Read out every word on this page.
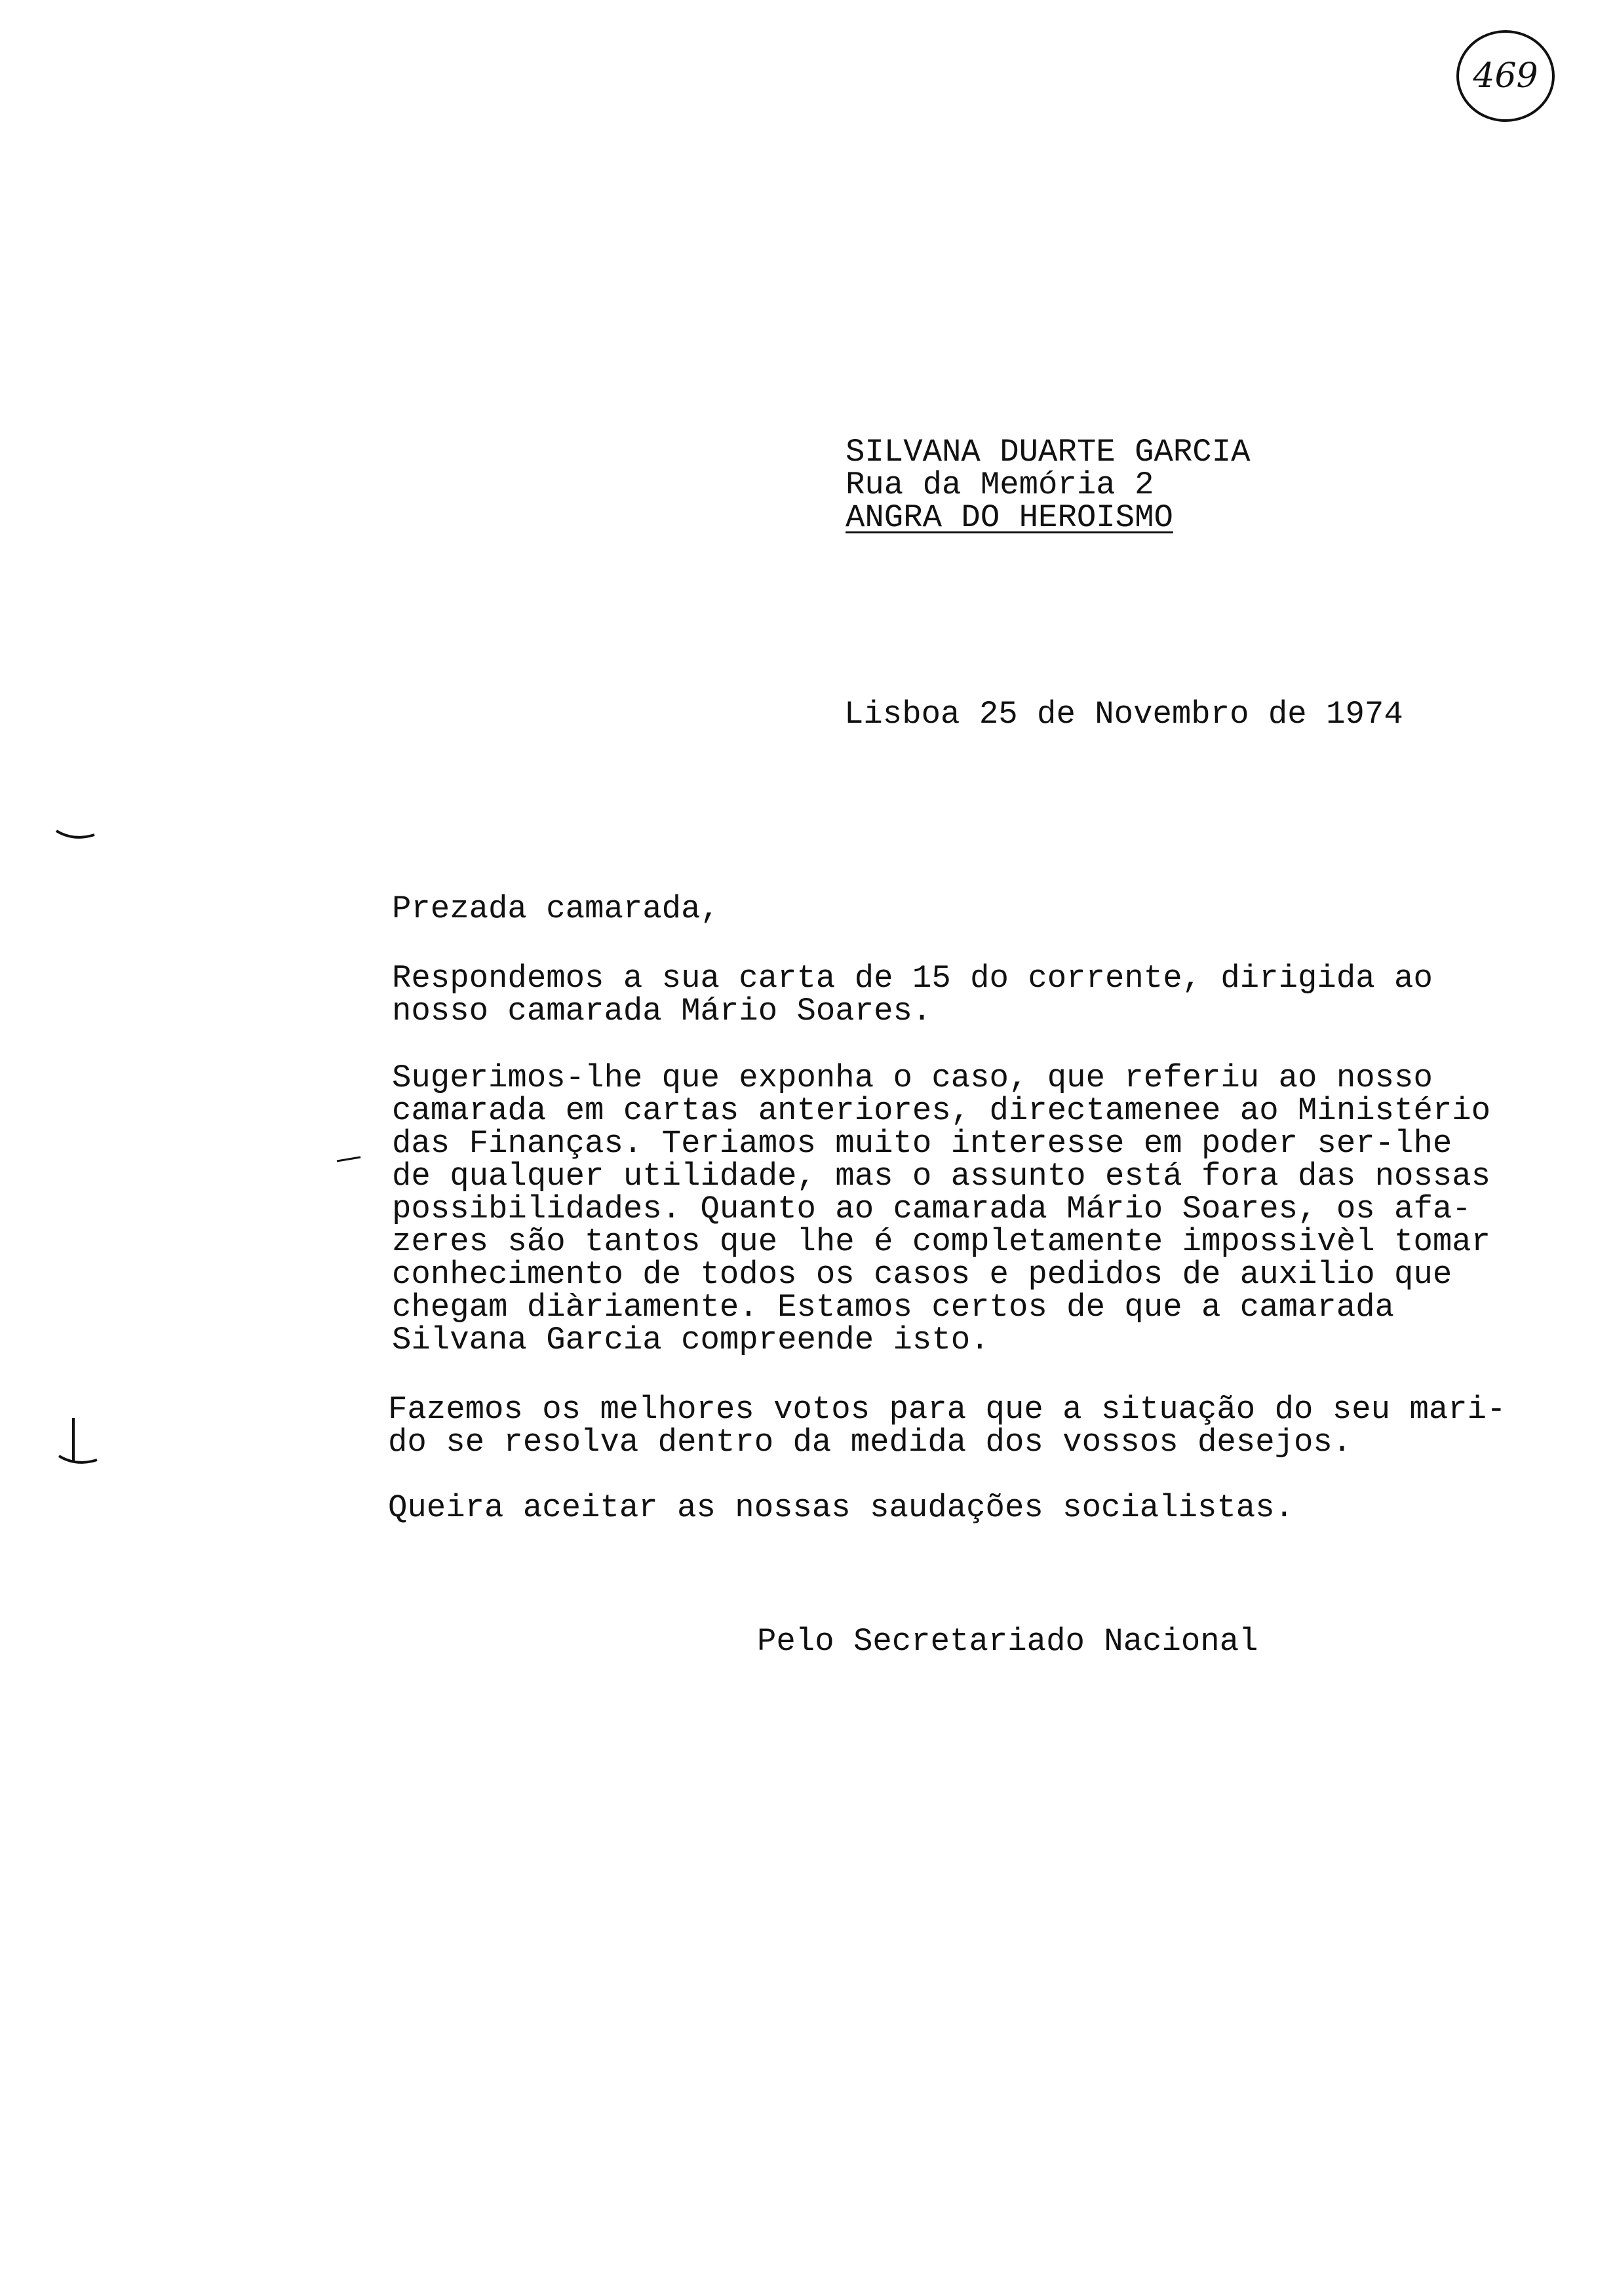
469
SILVANA DUARTE GARCIA
Rua da Memória 2
ANGRA DO HEROISMO
Lisboa 25 de Novembro de 1974
Prezada camarada,
Respondemos a sua carta de 15 do corrente, dirigida ao
nosso camarada Mário Soares.
Sugerimos-lhe que exponha o caso, que referiu ao nosso
camarada em cartas anteriores, directamenee ao Ministério
das Finanças. Teriamos muito interesse em poder ser-lhe
de qualquer utilidade, mas o assunto está fora das nossas
possibilidades. Quanto ao camarada Mário Soares, os afa-
zeres são tantos que lhe é completamente impossivèl tomar
conhecimento de todos os casos e pedidos de auxilio que
chegam diàriamente. Estamos certos de que a camarada
Silvana Garcia compreende isto.
Fazemos os melhores votos para que a situação do seu mari-
do se resolva dentro da medida dos vossos desejos.
Queira aceitar as nossas saudações socialistas.
Pelo Secretariado Nacional
